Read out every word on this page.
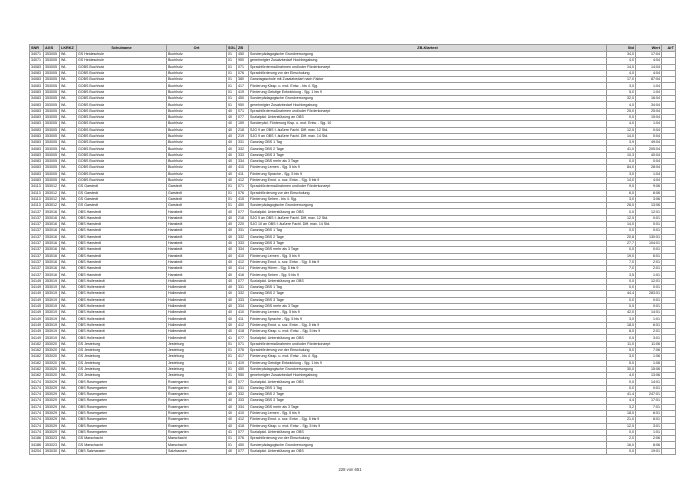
SNR	AGS	LKRKZ	Schulname	Ort	SGL	ZB	ZB-Klartext	Std	Wert	ArT
34071	353005	WL	GS Heideschule	Buchholz	01	450	Sonderpädagogische Grundversorgung	34,0	17:04	
34071	353005	WL	GS Heideschule	Buchholz	01	950	genehmigter Zusatzbedarf Hochbegabung	4,0	4:04	
34083	353005	WL	GOBS Buchholz	Buchholz	01	071	Sprachfördermaßnahmen und/oder Förderkonzept	14,0	14:04	
34083	353005	WL	GOBS Buchholz	Buchholz	01	076	Sprachförderung vor der Einschulung	4,0	4:04	
34083	353005	WL	GOBS Buchholz	Buchholz	01	380	Ganztagsschule mit Zusatzbedarf nach Faktor	17,0	87:04	
34083	353005	WL	GOBS Buchholz	Buchholz	01	417	Förderung Klssp. u. mot. Entw. - bis 4. Sjg.	3,0	1:04	
34083	353005	WL	GOBS Buchholz	Buchholz	01	419	Förderung Geistige Entwicklung - Sjg. 1 bis 9	5,0	1:04	
34083	353005	WL	GOBS Buchholz	Buchholz	01	450	Sonderpädagogische Grundversorgung	32,0	16:04	
34083	353005	WL	GOBS Buchholz	Buchholz	01	950	genehmigter Zusatzbedarf Hochbegabung	4,0	34:04	
34083	353005	WL	GOBS Buchholz	Buchholz	40	071	Sprachfördermaßnahmen und/oder Förderkonzept	25,0	25:04	
34083	353005	WL	GOBS Buchholz	Buchholz	40	077	Sozialpäd. Unterstützung an OBS	0,0	15:04	
34083	353005	WL	GOBS Buchholz	Buchholz	40	159	Sonderpäd. Förderung Klsp. u. mot. Entw. - Sjg. 10	4,0	1:04	
34083	353005	WL	GOBS Buchholz	Buchholz	40	218	SJG 9 an OBS f. äußere Fachl. Diff. max. 12 Std.	12,0	0:04	
34083	353005	WL	GOBS Buchholz	Buchholz	40	219	SJG 9 an OBS f. äußere Fachl. Diff. max. 14 Std.	14,0	0:04	
34083	353005	WL	GOBS Buchholz	Buchholz	40	331	Ganztag OBS 1 Tag	3,9	49:04	
34083	353005	WL	GOBS Buchholz	Buchholz	40	332	Ganztag OBS 2 Tage	41,0	205:04	
34083	353005	WL	GOBS Buchholz	Buchholz	40	333	Ganztag OBS 3 Tage	10,3	40:04	
34083	353005	WL	GOBS Buchholz	Buchholz	40	334	Ganztag OBS mehr als 3 Tage	0,0	0:04	
34083	353005	WL	GOBS Buchholz	Buchholz	40	410	Förderung Lernen - Sjg. 5 bis 9	84,0	28:04	
34083	353005	WL	GOBS Buchholz	Buchholz	40	411	Förderung Sprache - Sjg. 5 bis 9	3,0	1:04	
34083	353005	WL	GOBS Buchholz	Buchholz	40	412	Förderung Emot. u. soz. Entw. - Sjg. 5 bis 9	14,0	4:04	
34113	353012	WL	GS Garstedt	Garstedt	01	071	Sprachfördermaßnahmen und/oder Förderkonzept	9,0	9:06	
34113	353012	WL	GS Garstedt	Garstedt	01	076	Sprachförderung vor der Einschulung	6,0	6:06	
34113	353012	WL	GS Garstedt	Garstedt	01	415	Förderung Sehen - bis 4. Sjg.	3,0	3:06	
34113	353012	WL	GS Garstedt	Garstedt	01	450	Sonderpädagogische Grundversorgung	26,0	13:06	
34137	353016	WL	OBS Hanstedt	Hanstedt	40	077	Sozialpäd. Unterstützung an OBS	0,0	12:01	
34137	353016	WL	OBS Hanstedt	Hanstedt	40	218	SJG 9 an OBS f. äußere Fachl. Diff. max. 12 Std.	12,0	0:01	
34137	353016	WL	OBS Hanstedt	Hanstedt	40	220	SJG 10 an OBS f. äußere Fachl. Diff. max. 14 Std.	14,0	0:01	
34137	353016	WL	OBS Hanstedt	Hanstedt	40	331	Ganztag OBS 1 Tag	0,0	0:01	
34137	353016	WL	OBS Hanstedt	Hanstedt	40	332	Ganztag OBS 2 Tage	20,8	130:01	
34137	353016	WL	OBS Hanstedt	Hanstedt	40	333	Ganztag OBS 3 Tage	27,7	104:01	
34137	353016	WL	OBS Hanstedt	Hanstedt	40	334	Ganztag OBS mehr als 3 Tage	0,0	0:01	
34137	353016	WL	OBS Hanstedt	Hanstedt	40	410	Förderung Lernen - Sjg. 5 bis 9	19,0	6:01	
34137	353016	WL	OBS Hanstedt	Hanstedt	40	412	Förderung Emot. u. soz. Entw. - Sjg. 5 bis 9	7,0	2:01	
34137	353016	WL	OBS Hanstedt	Hanstedt	40	414	Förderung Hören - Sjg. 5 bis 9	7,0	2:01	
34137	353016	WL	OBS Hanstedt	Hanstedt	40	416	Förderung Sehen - Sjg. 5 bis 9	3,5	1:01	
34149	353019	WL	OBS Hollenstedt	Hollenstedt	40	077	Sozialpäd. Unterstützung an OBS	0,0	12:01	
34149	353019	WL	OBS Hollenstedt	Hollenstedt	40	331	Ganztag OBS 1 Tag	0,0	0:01	
34149	353019	WL	OBS Hollenstedt	Hollenstedt	40	332	Ganztag OBS 2 Tage	44,4	283:01	
34149	353019	WL	OBS Hollenstedt	Hollenstedt	40	333	Ganztag OBS 3 Tage	0,0	0:01	
34149	353019	WL	OBS Hollenstedt	Hollenstedt	40	334	Ganztag OBS mehr als 3 Tage	0,0	0:01	
34149	353019	WL	OBS Hollenstedt	Hollenstedt	40	410	Förderung Lernen - Sjg. 5 bis 9	42,0	14:01	
34149	353019	WL	OBS Hollenstedt	Hollenstedt	40	411	Förderung Sprache - Sjg. 5 bis 9	3,0	1:01	
34149	353019	WL	OBS Hollenstedt	Hollenstedt	40	412	Förderung Emot. u. soz. Entw. - Sjg. 5 bis 9	18,0	6:01	
34149	353019	WL	OBS Hollenstedt	Hollenstedt	40	418	Förderung Klssp. u. mot. Entw. - Sjg. 5 bis 9	8,0	2:01	
34149	353019	WL	OBS Hollenstedt	Hollenstedt	41	077	Sozialpäd. Unterstützung an OBS	0,0	3:01	
34162	353020	WL	GS Jesteburg	Jesteburg	01	071	Sprachfördermaßnahmen und/oder Förderkonzept	11,0	11:06	
34162	353020	WL	GS Jesteburg	Jesteburg	01	076	Sprachförderung vor der Einschulung	5,0	7:06	
34162	353020	WL	GS Jesteburg	Jesteburg	01	417	Förderung Klssp. u. mot. Entw. - bis 4. Sjg.	3,0	1:06	
34162	353020	WL	GS Jesteburg	Jesteburg	01	419	Förderung Geistige Entwicklung - Sjg. 1 bis 9	5,0	1:06	
34162	353020	WL	GS Jesteburg	Jesteburg	01	450	Sonderpädagogische Grundversorgung	30,0	15:06	
34162	353020	WL	GS Jesteburg	Jesteburg	01	950	genehmigter Zusatzbedarf Hochbegabung	4,0	13:06	
34174	353029	WL	OBS Rosengarten	Rosengarten	40	077	Sozialpäd. Unterstützung an OBS	0,0	14:01	
34174	353029	WL	OBS Rosengarten	Rosengarten	40	331	Ganztag OBS 1 Tag	0,0	0:01	
34174	353029	WL	OBS Rosengarten	Rosengarten	40	332	Ganztag OBS 2 Tage	41,4	247:01	
34174	353029	WL	OBS Rosengarten	Rosengarten	40	333	Ganztag OBS 3 Tage	4,4	17:01	
34174	353029	WL	OBS Rosengarten	Rosengarten	40	334	Ganztag OBS mehr als 3 Tage	3,2	7:01	
34174	353029	WL	OBS Rosengarten	Rosengarten	40	410	Förderung Lernen - Sjg. 5 bis 9	18,0	6:01	
34174	353029	WL	OBS Rosengarten	Rosengarten	40	412	Förderung Emot. u. soz. Entw. - Sjg. 5 bis 9	21,0	6:01	
34174	353029	WL	OBS Rosengarten	Rosengarten	40	418	Förderung Klssp. u. mot. Entw. - Sjg. 5 bis 9	12,0	3:01	
34174	353029	WL	OBS Rosengarten	Rosengarten	41	077	Sozialpäd. Unterstützung an OBS	0,0	1:01	
34186	353023	WL	GS Marschacht	Marschacht	01	076	Sprachförderung vor der Einschulung	2,0	2:06	
34186	353023	WL	GS Marschacht	Marschacht	01	450	Sonderpädagogische Grundversorgung	16,0	8:06	
34204	353030	WL	OBS Salzhausen	Salzhausen	40	077	Sozialpäd. Unterstützung an OBS	0,0	19:01	
228 von 651
